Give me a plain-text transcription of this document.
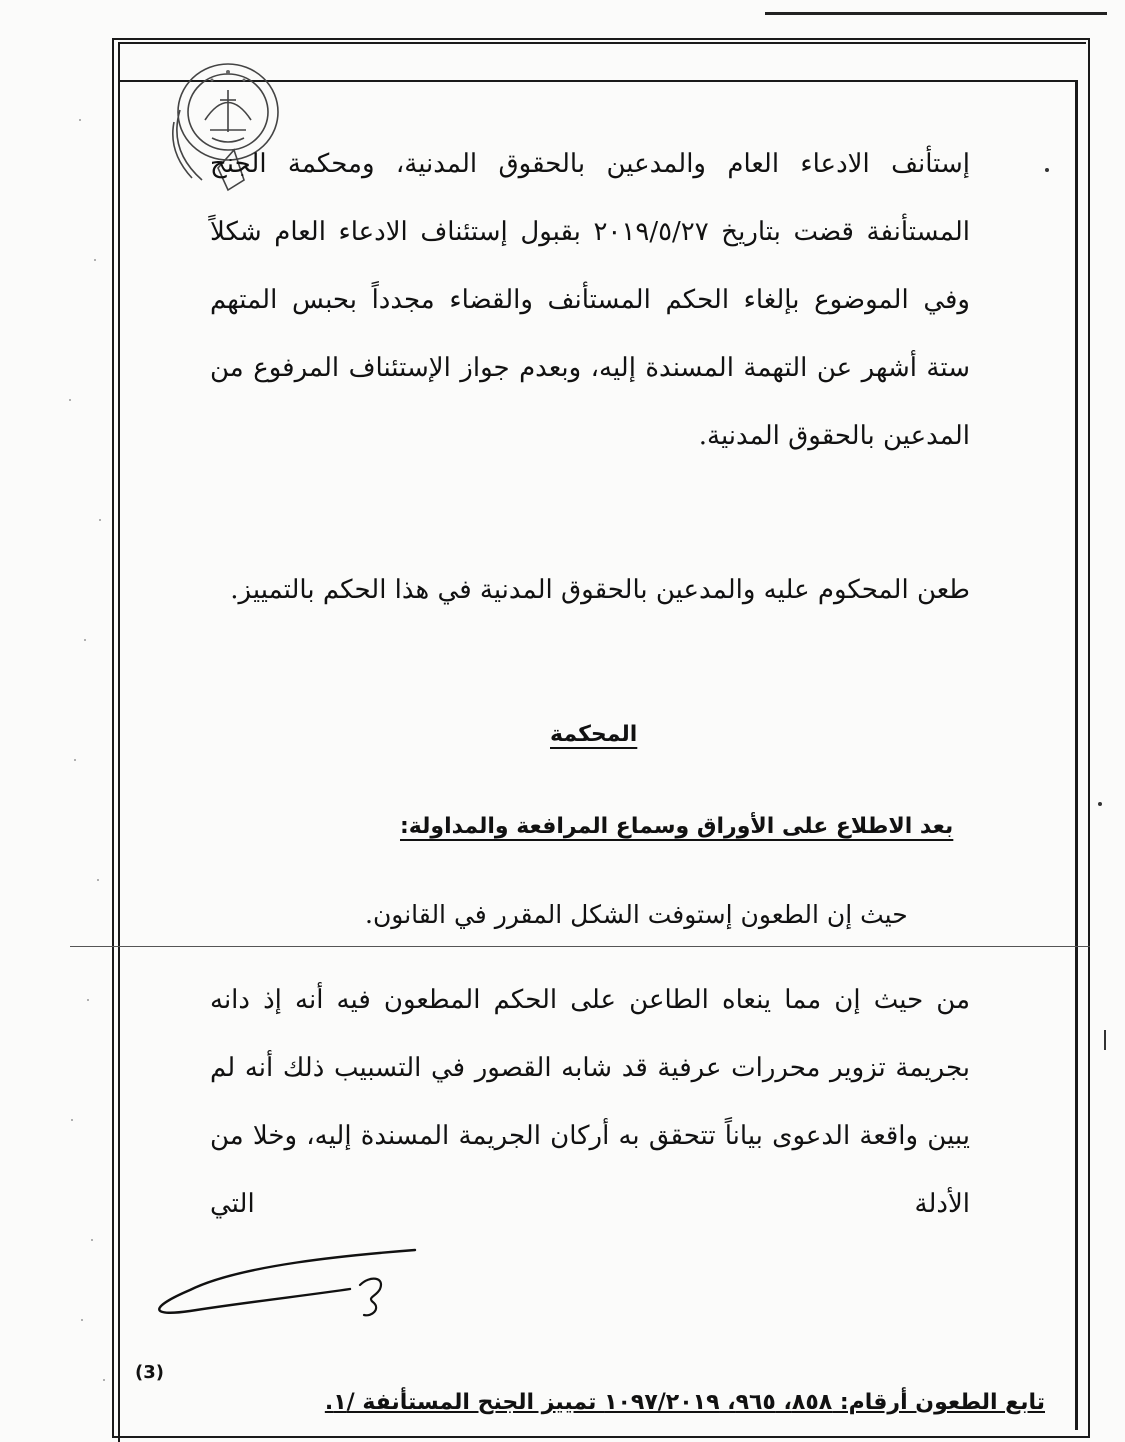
إستأنف الادعاء العام والمدعين بالحقوق المدنية، ومحكمة الجنح المستأنفة قضت بتاريخ ٢٠١٩/٥/٢٧ بقبول إستئناف الادعاء العام شكلاً وفي الموضوع بإلغاء الحكم المستأنف والقضاء مجدداً بحبس المتهم ستة أشهر عن التهمة المسندة إليه، وبعدم جواز الإستئناف المرفوع من المدعين بالحقوق المدنية.

طعن المحكوم عليه والمدعين بالحقوق المدنية في هذا الحكم بالتمييز.

المحكمة

بعد الاطلاع على الأوراق وسماع المرافعة والمداولة:

حيث إن الطعون إستوفت الشكل المقرر في القانون.

من حيث إن مما ينعاه الطاعن على الحكم المطعون فيه أنه إذ دانه بجريمة تزوير محررات عرفية قد شابه القصور في التسبيب ذلك أنه لم يبين واقعة الدعوى بياناً تتحقق به أركان الجريمة المسندة إليه، وخلا من الأدلة التي

(3)
تابع الطعون أرقام: ٨٥٨، ٩٦٥، ١٠٩٧/٢٠١٩ تمييز الجنح المستأنفة /١.
